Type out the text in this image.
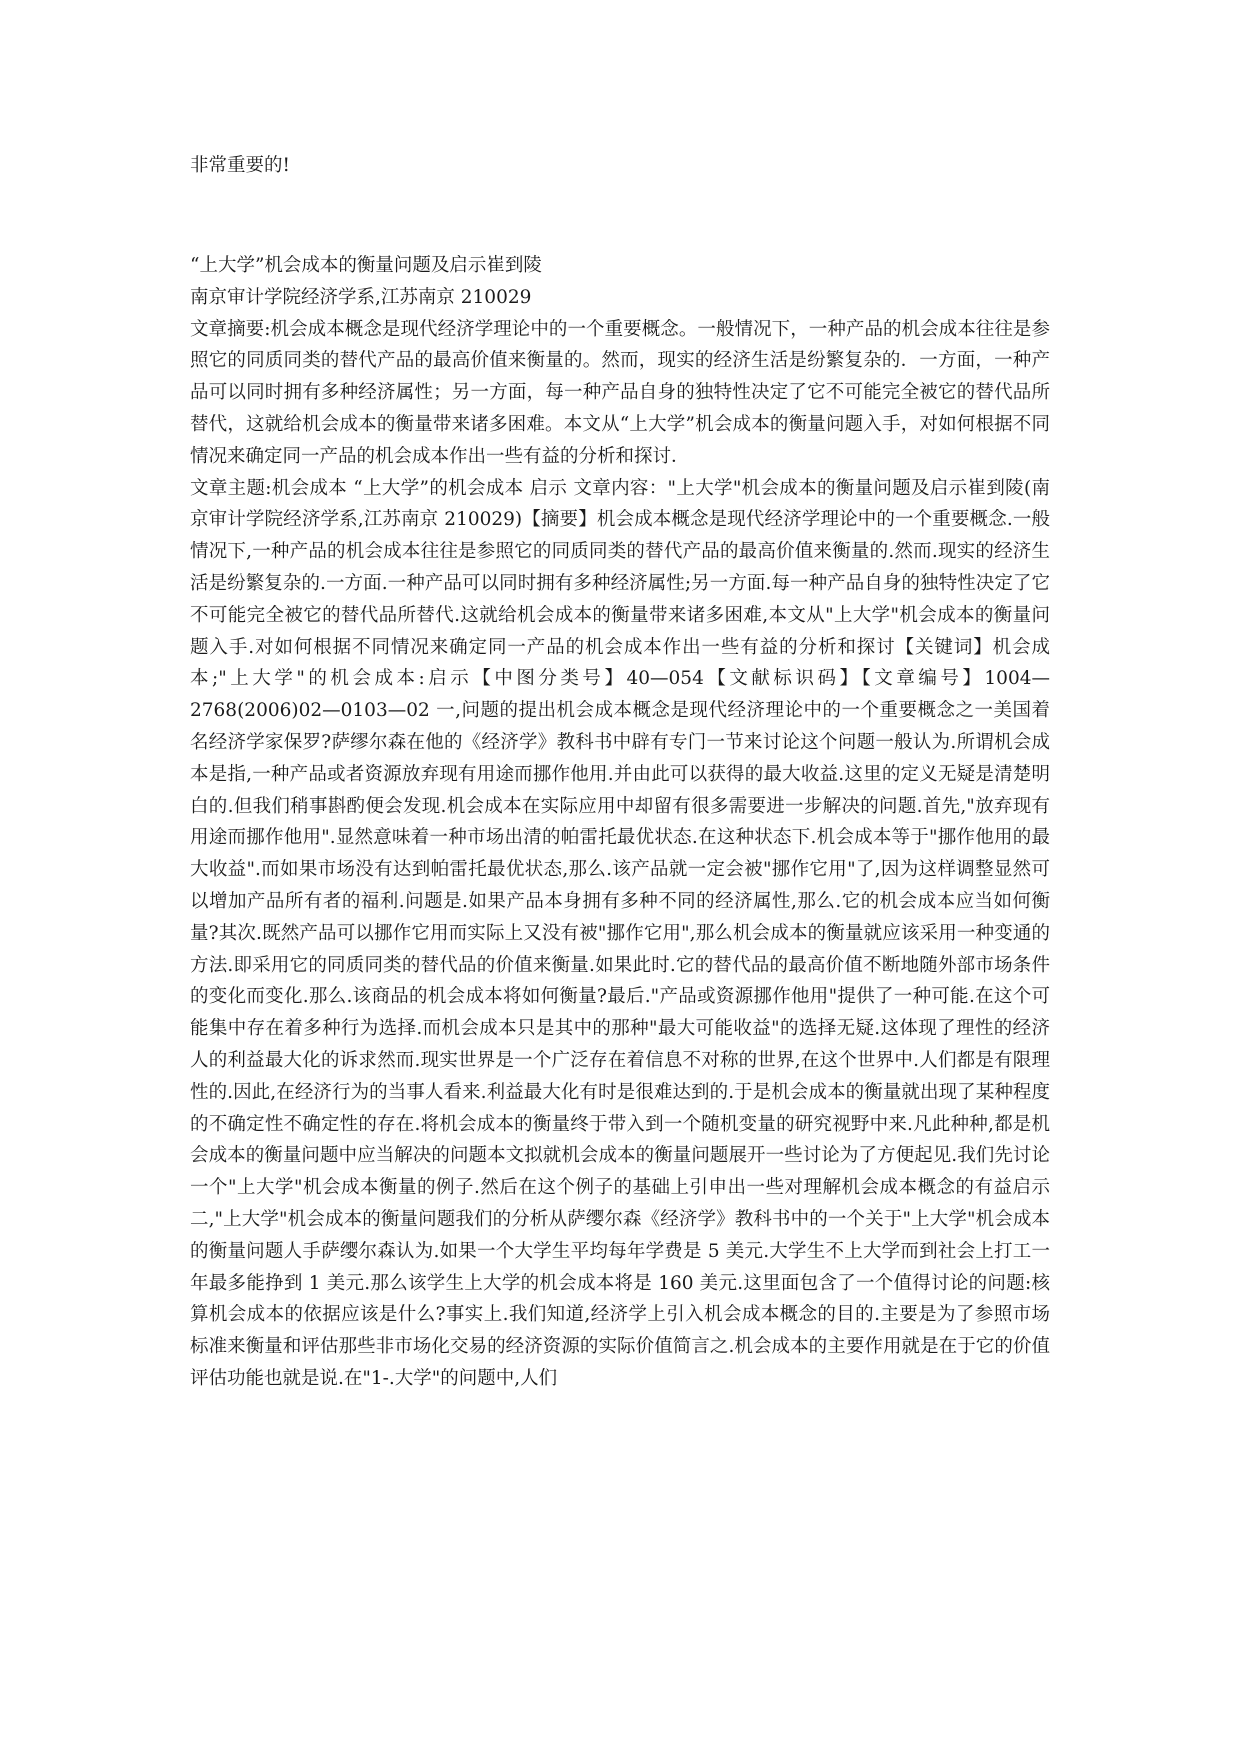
非常重要的!

“上大学”机会成本的衡量问题及启示崔到陵

南京审计学院经济学系,江苏南京 210029

文章摘要:机会成本概念是现代经济学理论中的一个重要概念。一般情况下，一种产品的机会成本往往是参照它的同质同类的替代产品的最高价值来衡量的。然而，现实的经济生活是纷繁复杂的．一方面，一种产品可以同时拥有多种经济属性；另一方面，每一种产品自身的独特性决定了它不可能完全被它的替代品所替代，这就给机会成本的衡量带来诸多困难。本文从“上大学”机会成本的衡量问题入手，对如何根据不同情况来确定同一产品的机会成本作出一些有益的分析和探讨．

文章主题:机会成本 “上大学”的机会成本 启示 文章内容："上大学"机会成本的衡量问题及启示崔到陵(南京审计学院经济学系,江苏南京 210029)【摘要】机会成本概念是现代经济学理论中的一个重要概念.一般情况下,一种产品的机会成本往往是参照它的同质同类的替代产品的最高价值来衡量的.然而.现实的经济生活是纷繁复杂的.一方面.一种产品可以同时拥有多种经济属性;另一方面.每一种产品自身的独特性决定了它不可能完全被它的替代品所替代.这就给机会成本的衡量带来诸多困难,本文从"上大学"机会成本的衡量问题入手.对如何根据不同情况来确定同一产品的机会成本作出一些有益的分析和探讨【关键词】机会成本;"上大学"的机会成本:启示【中图分类号】40—054【文献标识码】【文章编号】1004—2768(2006)02—0103—02 一,问题的提出机会成本概念是现代经济理论中的一个重要概念之一美国着名经济学家保罗?萨缪尔森在他的《经济学》教科书中辟有专门一节来讨论这个问题一般认为.所谓机会成本是指,一种产品或者资源放弃现有用途而挪作他用.并由此可以获得的最大收益.这里的定义无疑是清楚明白的.但我们稍事斟酌便会发现.机会成本在实际应用中却留有很多需要进一步解决的问题.首先,"放弃现有用途而挪作他用".显然意味着一种市场出清的帕雷托最优状态.在这种状态下.机会成本等于"挪作他用的最大收益".而如果市场没有达到帕雷托最优状态,那么.该产品就一定会被"挪作它用"了,因为这样调整显然可以增加产品所有者的福利.问题是.如果产品本身拥有多种不同的经济属性,那么.它的机会成本应当如何衡量?其次.既然产品可以挪作它用而实际上又没有被"挪作它用",那么机会成本的衡量就应该采用一种变通的方法.即采用它的同质同类的替代品的价值来衡量.如果此时.它的替代品的最高价值不断地随外部市场条件的变化而变化.那么.该商品的机会成本将如何衡量?最后."产品或资源挪作他用"提供了一种可能.在这个可能集中存在着多种行为选择.而机会成本只是其中的那种"最大可能收益"的选择无疑.这体现了理性的经济人的利益最大化的诉求然而.现实世界是一个广泛存在着信息不对称的世界,在这个世界中.人们都是有限理性的.因此,在经济行为的当事人看来.利益最大化有时是很难达到的.于是机会成本的衡量就出现了某种程度的不确定性不确定性的存在.将机会成本的衡量终于带入到一个随机变量的研究视野中来.凡此种种,都是机会成本的衡量问题中应当解决的问题本文拟就机会成本的衡量问题展开一些讨论为了方便起见.我们先讨论一个"上大学"机会成本衡量的例子.然后在这个例子的基础上引申出一些对理解机会成本概念的有益启示二,"上大学"机会成本的衡量问题我们的分析从萨缨尔森《经济学》教科书中的一个关于"上大学"机会成本的衡量问题人手萨缨尔森认为.如果一个大学生平均每年学费是 5 美元.大学生不上大学而到社会上打工一年最多能挣到 1 美元.那么该学生上大学的机会成本将是 160 美元.这里面包含了一个值得讨论的问题:核算机会成本的依据应该是什么?事实上.我们知道,经济学上引入机会成本概念的目的.主要是为了参照市场标准来衡量和评估那些非市场化交易的经济资源的实际价值简言之.机会成本的主要作用就是在于它的价值评估功能也就是说.在"1-.大学"的问题中,人们
